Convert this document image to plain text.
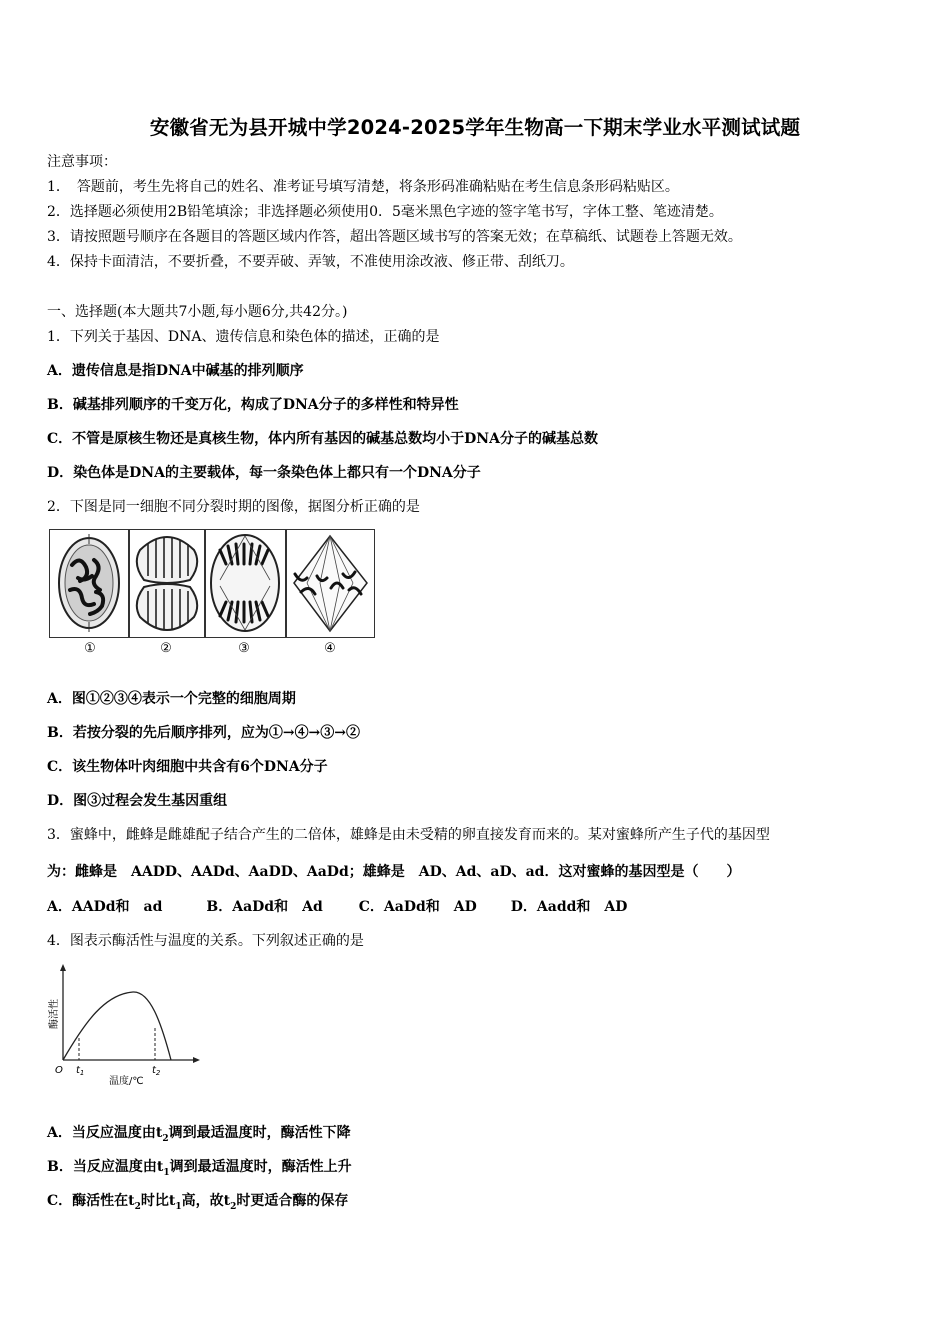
安徽省无为县开城中学2024-2025学年生物高一下期末学业水平测试试题
注意事项：
1．　答题前，考生先将自己的姓名、准考证号填写清楚，将条形码准确粘贴在考生信息条形码粘贴区。
2．选择题必须使用2B铅笔填涂；非选择题必须使用0．5毫米黑色字迹的签字笔书写，字体工整、笔迹清楚。
3．请按照题号顺序在各题目的答题区域内作答，超出答题区域书写的答案无效；在草稿纸、试题卷上答题无效。
4．保持卡面清洁，不要折叠，不要弄破、弄皱，不准使用涂改液、修正带、刮纸刀。
一、选择题(本大题共7小题,每小题6分,共42分。)
1．下列关于基因、DNA、遗传信息和染色体的描述，正确的是
A．遗传信息是指DNA中碱基的排列顺序
B．碱基排列顺序的千变万化，构成了DNA分子的多样性和特异性
C．不管是原核生物还是真核生物，体内所有基因的碱基总数均小于DNA分子的碱基总数
D．染色体是DNA的主要载体，每一条染色体上都只有一个DNA分子
2．下图是同一细胞不同分裂时期的图像，据图分析正确的是
①	②	③	④
A．图①②③④表示一个完整的细胞周期
B．若按分裂的先后顺序排列，应为①→④→③→②
C．该生物体叶肉细胞中共含有6个DNA分子
D．图③过程会发生基因重组
3．蜜蜂中，雌蜂是雌雄配子结合产生的二倍体，雄蜂是由未受精的卵直接发育而来的。某对蜜蜂所产生子代的基因型
为：雌蜂是　AADD、AADd、AaDD、AaDd；雄蜂是　AD、Ad、aD、ad．这对蜜蜂的基因型是（　　）
A．AADd和　ad	B．AaDd和　Ad	C．AaDd和　AD D．Aadd和　AD
4．图表示酶活性与温度的关系。下列叙述正确的是
酶活性
O $t_1$	$t_2$
温度/℃
A．当反应温度由$t_2$调到最适温度时，酶活性下降
B．当反应温度由$t_1$调到最适温度时，酶活性上升
C．酶活性在$t_2$时比$t_1$高，故$t_2$时更适合酶的保存
